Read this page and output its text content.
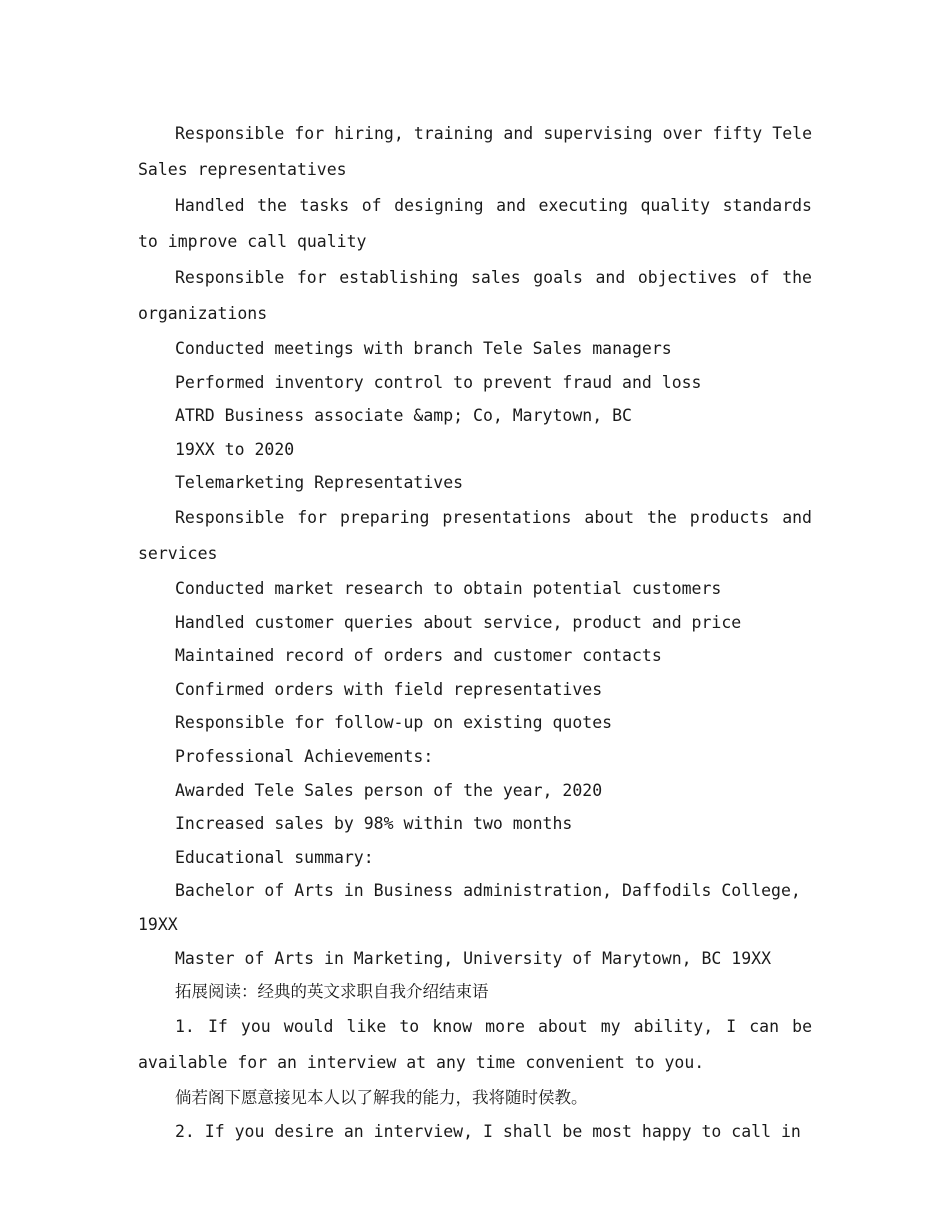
Responsible for hiring, training and supervising over fifty Tele Sales representatives

Handled the tasks of designing and executing quality standards to improve call quality

Responsible for establishing sales goals and objectives of the organizations

Conducted meetings with branch Tele Sales managers

Performed inventory control to prevent fraud and loss

ATRD Business associate &amp; Co, Marytown, BC

19XX to 2020

Telemarketing Representatives

Responsible for preparing presentations about the products and services

Conducted market research to obtain potential customers

Handled customer queries about service, product and price

Maintained record of orders and customer contacts

Confirmed orders with field representatives

Responsible for follow-up on existing quotes

Professional Achievements:

Awarded Tele Sales person of the year, 2020

Increased sales by 98% within two months

Educational summary:

Bachelor of Arts in Business administration, Daffodils College, 19XX

Master of Arts in Marketing, University of Marytown, BC 19XX

拓展阅读：经典的英文求职自我介绍结束语

1. If you would like to know more about my ability, I can be available for an interview at any time convenient to you.

倘若阁下愿意接见本人以了解我的能力，我将随时侯教。

2. If you desire an interview, I shall be most happy to call in
